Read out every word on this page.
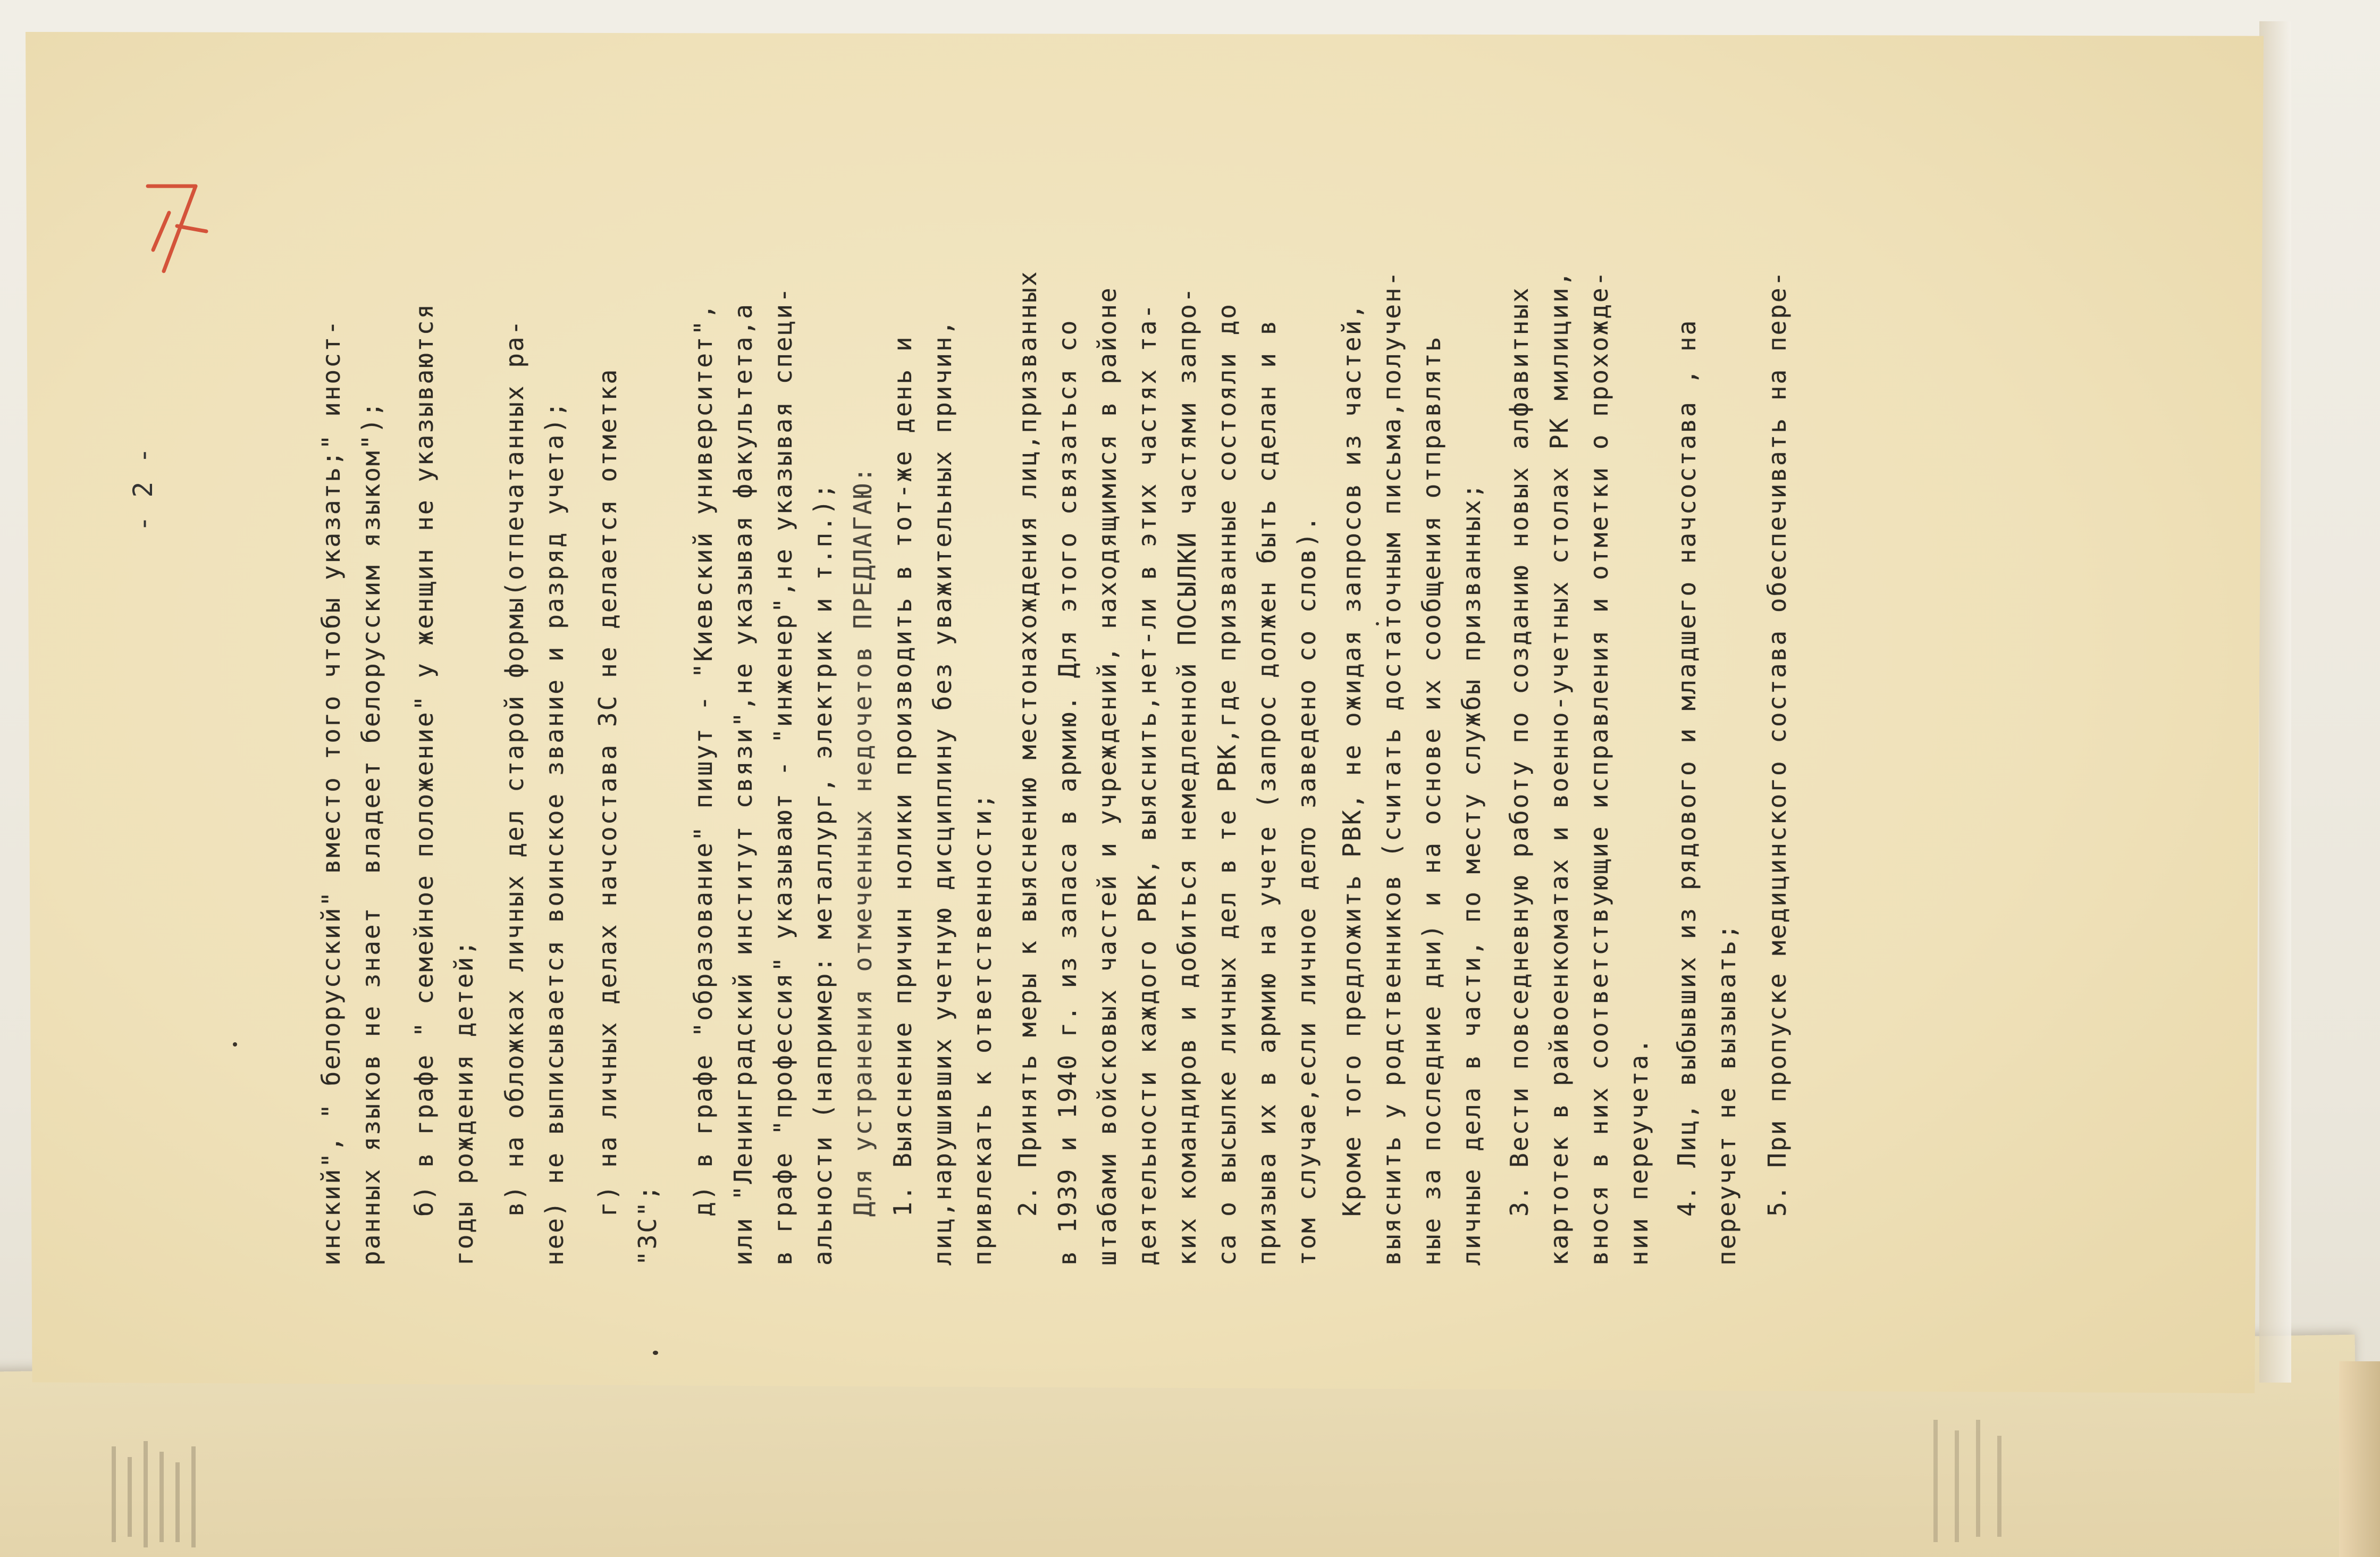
- 2 -	инский", " белорусский" вместо того чтобы указать;" иност- ранных языков не знает  владеет белорусским языком"); б) в графе " семейное положение" у женщин не указываются годы рождения детей; в) на обложках личных дел старой формы(отпечатанных ра- нее) не выписывается воинское звание и разряд учета); г) на личных делах начсостава ЗС не делается отметка "ЗС"; д) в графе "образование" пишут - "Киевский университет", или "Ленинградский институт связи",не указывая факультета,а в графе "профессия" указывают - "инженер",не указывая специ- альности (например: металлург, электрик и т.п.); Для устранения отмеченных недочетов ПРЕДЛАГАЮ: 1. Выяснение причин нолики производить в тот-же день и лиц,нарушивших учетную дисциплину без уважительных причин, привлекать к ответственности; 2. Принять меры к выяснению местонахождения лиц,призванных в 1939 и 1940 г. из запаса в армию. Для этого связаться со штабами войсковых частей и учреждений, находящимися в районе деятельности каждого РВК, выяснить,нет-ли в этих частях та- ких командиров и добиться немедленной ПОСЫЛКИ частями запро- са о высылке личных дел в те РВК,где призванные состояли до призыва их в армию на учете (запрос должен быть сделан и в том случае,если личное дело заведено со слов). Кроме того предложить РВК, не ожидая запросов из частей, выяснить у родственников (считать достаточным письма,получен- ные за последние дни) и на основе их сообщения отправлять личные дела в части, по месту службы призванных; 3. Вести повседневную работу по созданию новых алфавитных картотек в райвоенкоматах и военно-учетных столах РК милиции, внося в них соответствующие исправления и отметки о прохожде- нии переучета. 4. Лиц, выбывших из рядового и младшего начсостава , на переучет не вызывать; 5. При пропуске медицинского состава обеспечивать на пере-
